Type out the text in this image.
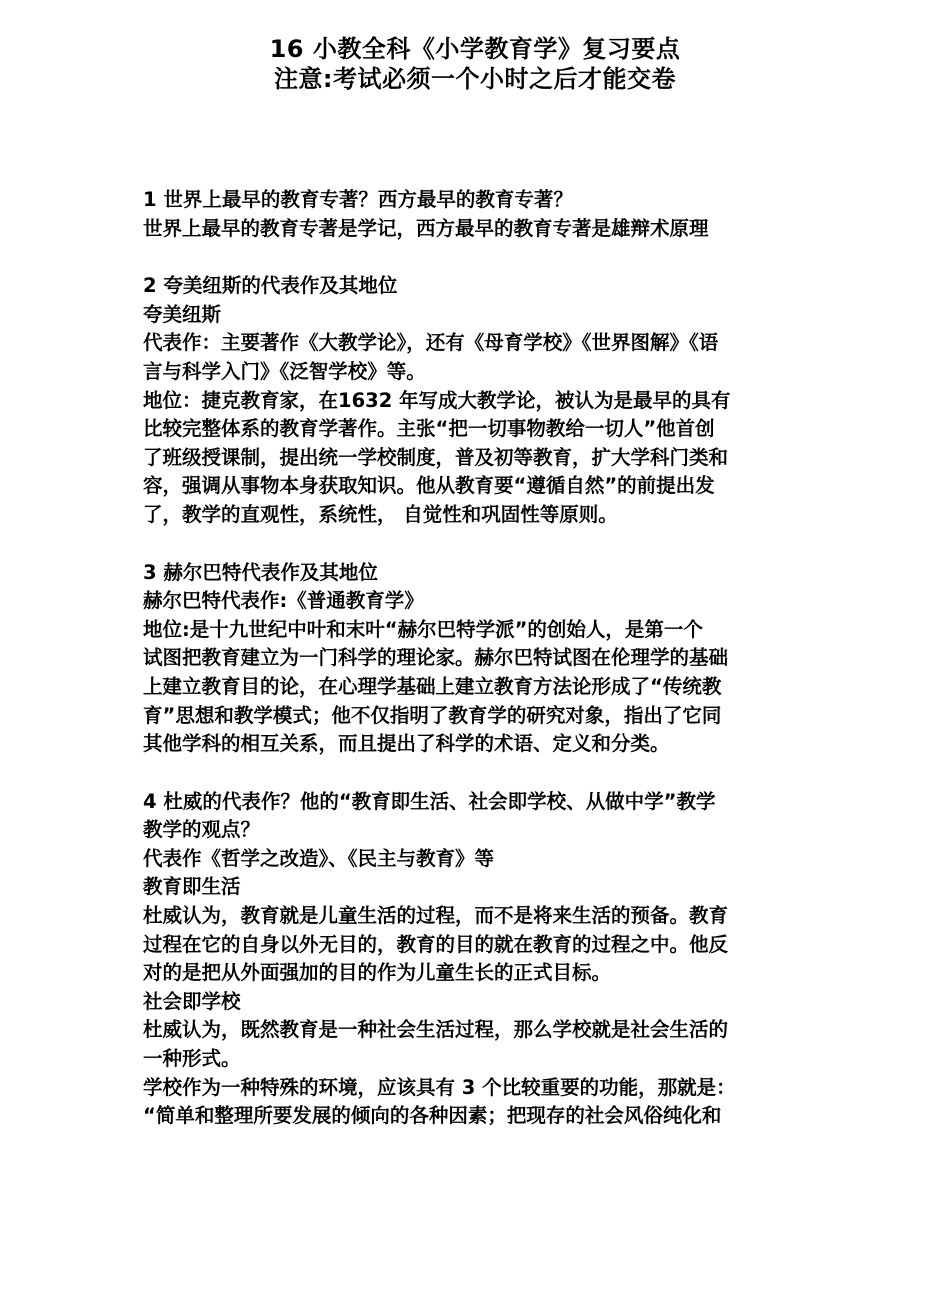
16 小教全科《小学教育学》复习要点
注意:考试必须一个小时之后才能交卷
1 世界上最早的教育专著？西方最早的教育专著？
世界上最早的教育专著是学记，西方最早的教育专著是雄辩术原理
2 夸美纽斯的代表作及其地位
夸美纽斯
代表作：主要著作《大教学论》，还有《母育学校》《世界图解》《语
言与科学入门》《泛智学校》等。
地位：捷克教育家，在1632 年写成大教学论，被认为是最早的具有
比较完整体系的教育学著作。主张“把一切事物教给一切人”他首创
了班级授课制，提出统一学校制度，普及初等教育，扩大学科门类和
容，强调从事物本身获取知识。他从教育要“遵循自然”的前提出发
了，教学的直观性，系统性， 自觉性和巩固性等原则。
3 赫尔巴特代表作及其地位
赫尔巴特代表作:《普通教育学》
地位:是十九世纪中叶和末叶“赫尔巴特学派”的创始人，是第一个
试图把教育建立为一门科学的理论家。赫尔巴特试图在伦理学的基础
上建立教育目的论，在心理学基础上建立教育方法论形成了“传统教
育”思想和教学模式；他不仅指明了教育学的研究对象，指出了它同
其他学科的相互关系，而且提出了科学的术语、定义和分类。
4 杜威的代表作？他的“教育即生活、社会即学校、从做中学”教学
教学的观点？
代表作《哲学之改造》、《民主与教育》等
教育即生活
杜威认为，教育就是儿童生活的过程，而不是将来生活的预备。教育
过程在它的自身以外无目的，教育的目的就在教育的过程之中。他反
对的是把从外面强加的目的作为儿童生长的正式目标。
社会即学校
杜威认为，既然教育是一种社会生活过程，那么学校就是社会生活的
一种形式。
学校作为一种特殊的环境，应该具有 3 个比较重要的功能，那就是：
“简单和整理所要发展的倾向的各种因素；把现存的社会风俗纯化和
